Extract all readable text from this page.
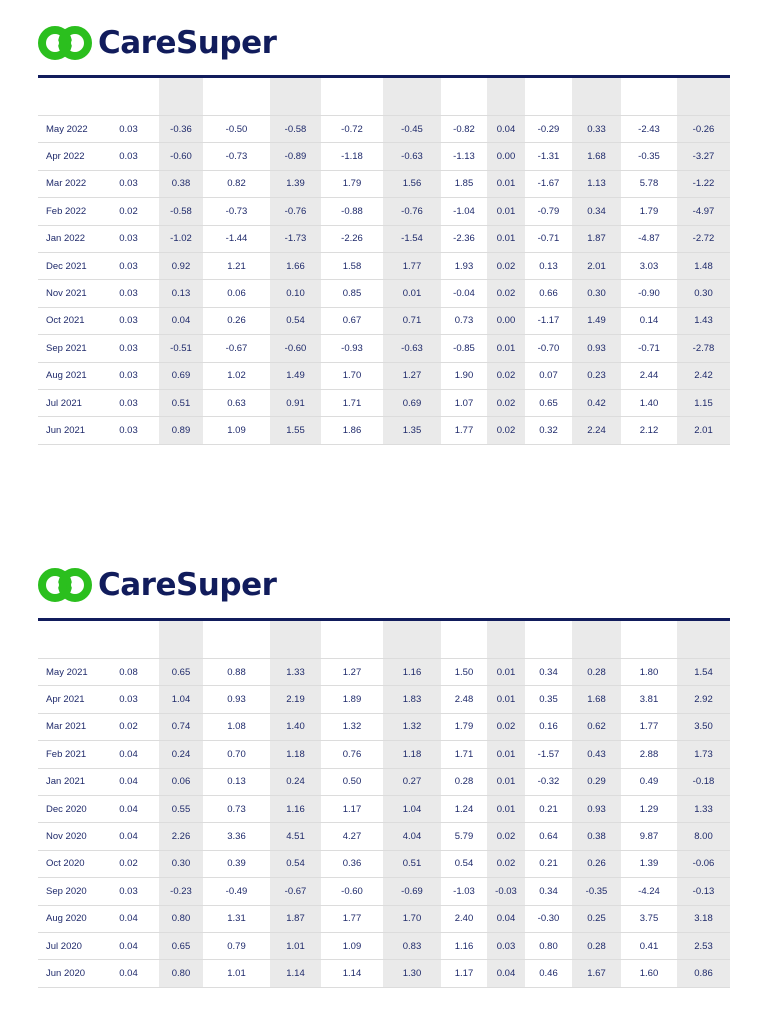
CareSuper

May 2022	0.03	-0.36	-0.50	-0.58	-0.72	-0.45	-0.82	0.04	-0.29	0.33	-2.43	-0.26
Apr 2022	0.03	-0.60	-0.73	-0.89	-1.18	-0.63	-1.13	0.00	-1.31	1.68	-0.35	-3.27
Mar 2022	0.03	0.38	0.82	1.39	1.79	1.56	1.85	0.01	-1.67	1.13	5.78	-1.22
Feb 2022	0.02	-0.58	-0.73	-0.76	-0.88	-0.76	-1.04	0.01	-0.79	0.34	1.79	-4.97
Jan 2022	0.03	-1.02	-1.44	-1.73	-2.26	-1.54	-2.36	0.01	-0.71	1.87	-4.87	-2.72
Dec 2021	0.03	0.92	1.21	1.66	1.58	1.77	1.93	0.02	0.13	2.01	3.03	1.48
Nov 2021	0.03	0.13	0.06	0.10	0.85	0.01	-0.04	0.02	0.66	0.30	-0.90	0.30
Oct 2021	0.03	0.04	0.26	0.54	0.67	0.71	0.73	0.00	-1.17	1.49	0.14	1.43
Sep 2021	0.03	-0.51	-0.67	-0.60	-0.93	-0.63	-0.85	0.01	-0.70	0.93	-0.71	-2.78
Aug 2021	0.03	0.69	1.02	1.49	1.70	1.27	1.90	0.02	0.07	0.23	2.44	2.42
Jul 2021	0.03	0.51	0.63	0.91	1.71	0.69	1.07	0.02	0.65	0.42	1.40	1.15
Jun 2021	0.03	0.89	1.09	1.55	1.86	1.35	1.77	0.02	0.32	2.24	2.12	2.01
CareSuper

May 2021	0.08	0.65	0.88	1.33	1.27	1.16	1.50	0.01	0.34	0.28	1.80	1.54
Apr 2021	0.03	1.04	0.93	2.19	1.89	1.83	2.48	0.01	0.35	1.68	3.81	2.92
Mar 2021	0.02	0.74	1.08	1.40	1.32	1.32	1.79	0.02	0.16	0.62	1.77	3.50
Feb 2021	0.04	0.24	0.70	1.18	0.76	1.18	1.71	0.01	-1.57	0.43	2.88	1.73
Jan 2021	0.04	0.06	0.13	0.24	0.50	0.27	0.28	0.01	-0.32	0.29	0.49	-0.18
Dec 2020	0.04	0.55	0.73	1.16	1.17	1.04	1.24	0.01	0.21	0.93	1.29	1.33
Nov 2020	0.04	2.26	3.36	4.51	4.27	4.04	5.79	0.02	0.64	0.38	9.87	8.00
Oct 2020	0.02	0.30	0.39	0.54	0.36	0.51	0.54	0.02	0.21	0.26	1.39	-0.06
Sep 2020	0.03	-0.23	-0.49	-0.67	-0.60	-0.69	-1.03	-0.03	0.34	-0.35	-4.24	-0.13
Aug 2020	0.04	0.80	1.31	1.87	1.77	1.70	2.40	0.04	-0.30	0.25	3.75	3.18
Jul 2020	0.04	0.65	0.79	1.01	1.09	0.83	1.16	0.03	0.80	0.28	0.41	2.53
Jun 2020	0.04	0.80	1.01	1.14	1.14	1.30	1.17	0.04	0.46	1.67	1.60	0.86
